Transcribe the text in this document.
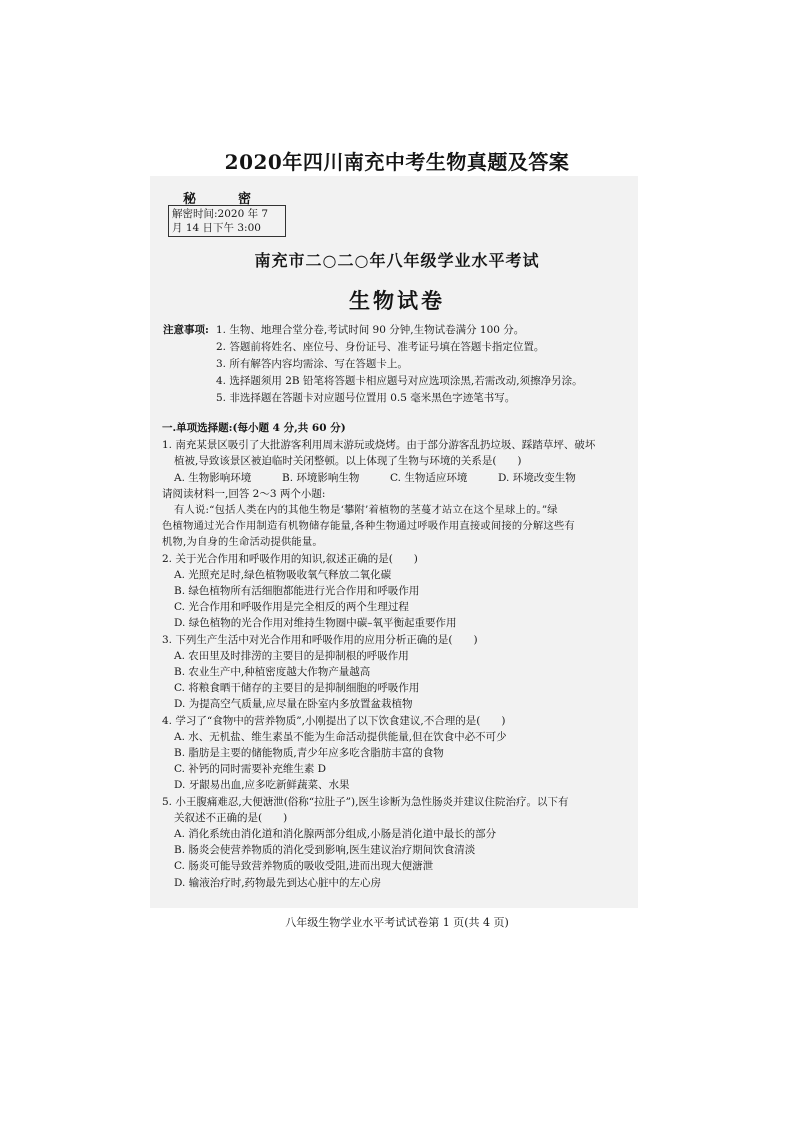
2020年四川南充中考生物真题及答案
秘	密
解密时间:2020 年 7
月 14 日下午 3:00
南充市二○二○年八年级学业水平考试
生物试卷
注意事项: 1. 生物、地理合堂分卷,考试时间 90 分钟,生物试卷满分 100 分。
2. 答题前将姓名、座位号、身份证号、准考证号填在答题卡指定位置。
3. 所有解答内容均需涂、写在答题卡上。
4. 选择题须用 2B 铅笔将答题卡相应题号对应选项涂黑,若需改动,须擦净另涂。
5. 非选择题在答题卡对应题号位置用 0.5 毫米黑色字迹笔书写。
一.单项选择题:(每小题 4 分,共 60 分)
1. 南充某景区吸引了大批游客利用周末游玩或烧烤。由于部分游客乱扔垃圾、踩踏草坪、破坏
植被,导致该景区被迫临时关闭整顿。以上体现了生物与环境的关系是(　　)
A. 生物影响环境	B. 环境影响生物	C. 生物适应环境	D. 环境改变生物
请阅读材料一,回答 2～3 两个小题:
有人说:“包括人类在内的其他生物是‘攀附’着植物的茎蔓才站立在这个星球上的。”绿
色植物通过光合作用制造有机物储存能量,各种生物通过呼吸作用直接或间接的分解这些有
机物,为自身的生命活动提供能量。
2. 关于光合作用和呼吸作用的知识,叙述正确的是(　　)
A. 光照充足时,绿色植物吸收氧气释放二氧化碳
B. 绿色植物所有活细胞都能进行光合作用和呼吸作用
C. 光合作用和呼吸作用是完全相反的两个生理过程
D. 绿色植物的光合作用对维持生物圈中碳–氧平衡起重要作用
3. 下列生产生活中对光合作用和呼吸作用的应用分析正确的是(　　)
A. 农田里及时排涝的主要目的是抑制根的呼吸作用
B. 农业生产中,种植密度越大作物产量越高
C. 将粮食晒干储存的主要目的是抑制细胞的呼吸作用
D. 为提高空气质量,应尽量在卧室内多放置盆栽植物
4. 学习了“食物中的营养物质”,小刚提出了以下饮食建议,不合理的是(　　)
A. 水、无机盐、维生素虽不能为生命活动提供能量,但在饮食中必不可少
B. 脂肪是主要的储能物质,青少年应多吃含脂肪丰富的食物
C. 补钙的同时需要补充维生素 D
D. 牙龈易出血,应多吃新鲜蔬菜、水果
5. 小王腹痛难忍,大便溏泄(俗称“拉肚子”),医生诊断为急性肠炎并建议住院治疗。以下有
关叙述不正确的是(　　)
A. 消化系统由消化道和消化腺两部分组成,小肠是消化道中最长的部分
B. 肠炎会使营养物质的消化受到影响,医生建议治疗期间饮食清淡
C. 肠炎可能导致营养物质的吸收受阻,进而出现大便溏泄
D. 输液治疗时,药物最先到达心脏中的左心房
八年级生物学业水平考试试卷第 1 页(共 4 页)
